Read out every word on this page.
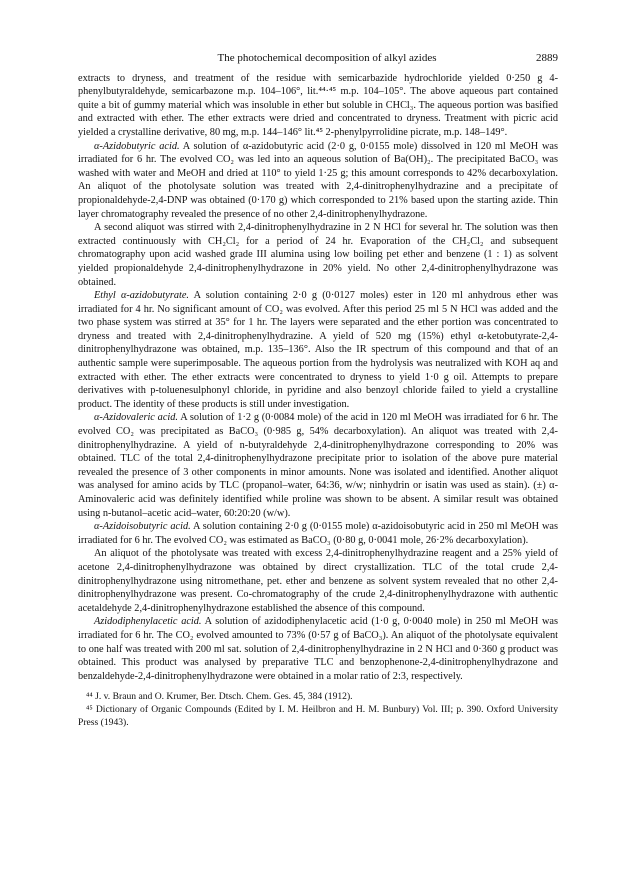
The photochemical decomposition of alkyl azides	2889

extracts to dryness, and treatment of the residue with semicarbazide hydrochloride yielded 0·250 g 4-phenylbutyraldehyde, semicarbazone m.p. 104–106°, lit.⁴⁴·⁴⁵ m.p. 104–105°. The above aqueous part contained quite a bit of gummy material which was insoluble in ether but soluble in CHCl₃. The aqueous portion was basified and extracted with ether. The ether extracts were dried and concentrated to dryness. Treatment with picric acid yielded a crystalline derivative, 80 mg, m.p. 144–146° lit.⁴⁵ 2-phenylpyrrolidine picrate, m.p. 148–149°.

α-Azidobutyric acid. A solution of α-azidobutyric acid (2·0 g, 0·0155 mole) dissolved in 120 ml MeOH was irradiated for 6 hr. The evolved CO₂ was led into an aqueous solution of Ba(OH)₂. The precipitated BaCO₃ was washed with water and MeOH and dried at 110° to yield 1·25 g; this amount corresponds to 42% decarboxylation. An aliquot of the photolysate solution was treated with 2,4-dinitrophenylhydrazine and a precipitate of propionaldehyde-2,4-DNP was obtained (0·170 g) which corresponded to 21% based upon the starting azide. Thin layer chromatography revealed the presence of no other 2,4-dinitrophenylhydrazone.

A second aliquot was stirred with 2,4-dinitrophenylhydrazine in 2 N HCl for several hr. The solution was then extracted continuously with CH₂Cl₂ for a period of 24 hr. Evaporation of the CH₂Cl₂ and subsequent chromatography upon acid washed grade III alumina using low boiling pet ether and benzene (1 : 1) as solvent yielded propionaldehyde 2,4-dinitrophenylhydrazone in 20% yield. No other 2,4-dinitrophenylhydrazone was obtained.

Ethyl α-azidobutyrate. A solution containing 2·0 g (0·0127 moles) ester in 120 ml anhydrous ether was irradiated for 4 hr. No significant amount of CO₂ was evolved. After this period 25 ml 5 N HCl was added and the two phase system was stirred at 35° for 1 hr. The layers were separated and the ether portion was concentrated to dryness and treated with 2,4-dinitrophenylhydrazine. A yield of 520 mg (15%) ethyl α-ketobutyrate-2,4-dinitrophenylhydrazone was obtained, m.p. 135–136°. Also the IR spectrum of this compound and that of an authentic sample were superimposable. The aqueous portion from the hydrolysis was neutralized with KOH aq and extracted with ether. The ether extracts were concentrated to dryness to yield 1·0 g oil. Attempts to prepare derivatives with p-toluenesulphonyl chloride, in pyridine and also benzoyl chloride failed to yield a crystalline product. The identity of these products is still under investigation.

α-Azidovaleric acid. A solution of 1·2 g (0·0084 mole) of the acid in 120 ml MeOH was irradiated for 6 hr. The evolved CO₂ was precipitated as BaCO₃ (0·985 g, 54% decarboxylation). An aliquot was treated with 2,4-dinitrophenylhydrazine. A yield of n-butyraldehyde 2,4-dinitrophenylhydrazone corresponding to 20% was obtained. TLC of the total 2,4-dinitrophenylhydrazone precipitate prior to isolation of the above pure material revealed the presence of 3 other components in minor amounts. None was isolated and identified. Another aliquot was analysed for amino acids by TLC (propanol–water, 64:36, w/w; ninhydrin or isatin was used as stain). (±) α-Aminovaleric acid was definitely identified while proline was shown to be absent. A similar result was obtained using n-butanol–acetic acid–water, 60:20:20 (w/w).

α-Azidoisobutyric acid. A solution containing 2·0 g (0·0155 mole) α-azidoisobutyric acid in 250 ml MeOH was irradiated for 6 hr. The evolved CO₂ was estimated as BaCO₃ (0·80 g, 0·0041 mole, 26·2% decarboxylation).

An aliquot of the photolysate was treated with excess 2,4-dinitrophenylhydrazine reagent and a 25% yield of acetone 2,4-dinitrophenylhydrazone was obtained by direct crystallization. TLC of the total crude 2,4-dinitrophenylhydrazone using nitromethane, pet. ether and benzene as solvent system revealed that no other 2,4-dinitrophenylhydrazone was present. Co-chromatography of the crude 2,4-dinitrophenylhydrazone with authentic acetaldehyde 2,4-dinitrophenylhydrazone established the absence of this compound.

Azidodiphenylacetic acid. A solution of azidodiphenylacetic acid (1·0 g, 0·0040 mole) in 250 ml MeOH was irradiated for 6 hr. The CO₂ evolved amounted to 73% (0·57 g of BaCO₃). An aliquot of the photolysate equivalent to one half was treated with 200 ml sat. solution of 2,4-dinitrophenylhydrazine in 2 N HCl and 0·360 g product was obtained. This product was analysed by preparative TLC and benzophenone-2,4-dinitrophenylhydrazone and benzaldehyde-2,4-dinitrophenylhydrazone were obtained in a molar ratio of 2:3, respectively.

⁴⁴ J. v. Braun and O. Krumer, Ber. Dtsch. Chem. Ges. 45, 384 (1912).

⁴⁵ Dictionary of Organic Compounds (Edited by I. M. Heilbron and H. M. Bunbury) Vol. III; p. 390. Oxford University Press (1943).
